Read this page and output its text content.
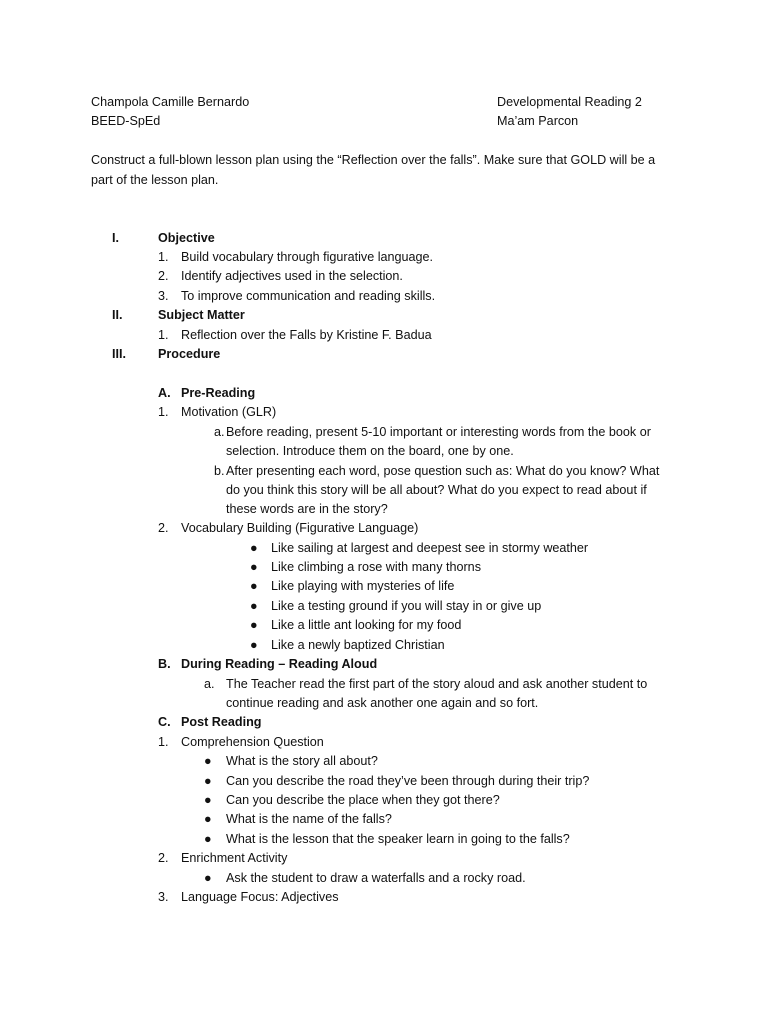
Champola Camille Bernardo
BEED-SpEd
Developmental Reading 2
Ma’am Parcon
Construct a full-blown lesson plan using the “Reflection over the falls”. Make sure that GOLD will be a
part of the lesson plan.
I.	Objective
1. Build vocabulary through figurative language.
2. Identify adjectives used in the selection.
3. To improve communication and reading skills.
II.	Subject Matter
1. Reflection over the Falls by Kristine F. Badua
III.	Procedure
A. Pre-Reading
1. Motivation (GLR)
a. Before reading, present 5-10 important or interesting words from the book or
selection. Introduce them on the board, one by one.
b. After presenting each word, pose question such as: What do you know? What
do you think this story will be all about? What do you expect to read about if
these words are in the story?
2. Vocabulary Building (Figurative Language)
● Like sailing at largest and deepest see in stormy weather
● Like climbing a rose with many thorns
● Like playing with mysteries of life
● Like a testing ground if you will stay in or give up
● Like a little ant looking for my food
● Like a newly baptized Christian
B. During Reading – Reading Aloud
a. The Teacher read the first part of the story aloud and ask another student to
continue reading and ask another one again and so fort.
C. Post Reading
1. Comprehension Question
● What is the story all about?
● Can you describe the road they’ve been through during their trip?
● Can you describe the place when they got there?
● What is the name of the falls?
● What is the lesson that the speaker learn in going to the falls?
2. Enrichment Activity
● Ask the student to draw a waterfalls and a rocky road.
3. Language Focus: Adjectives
